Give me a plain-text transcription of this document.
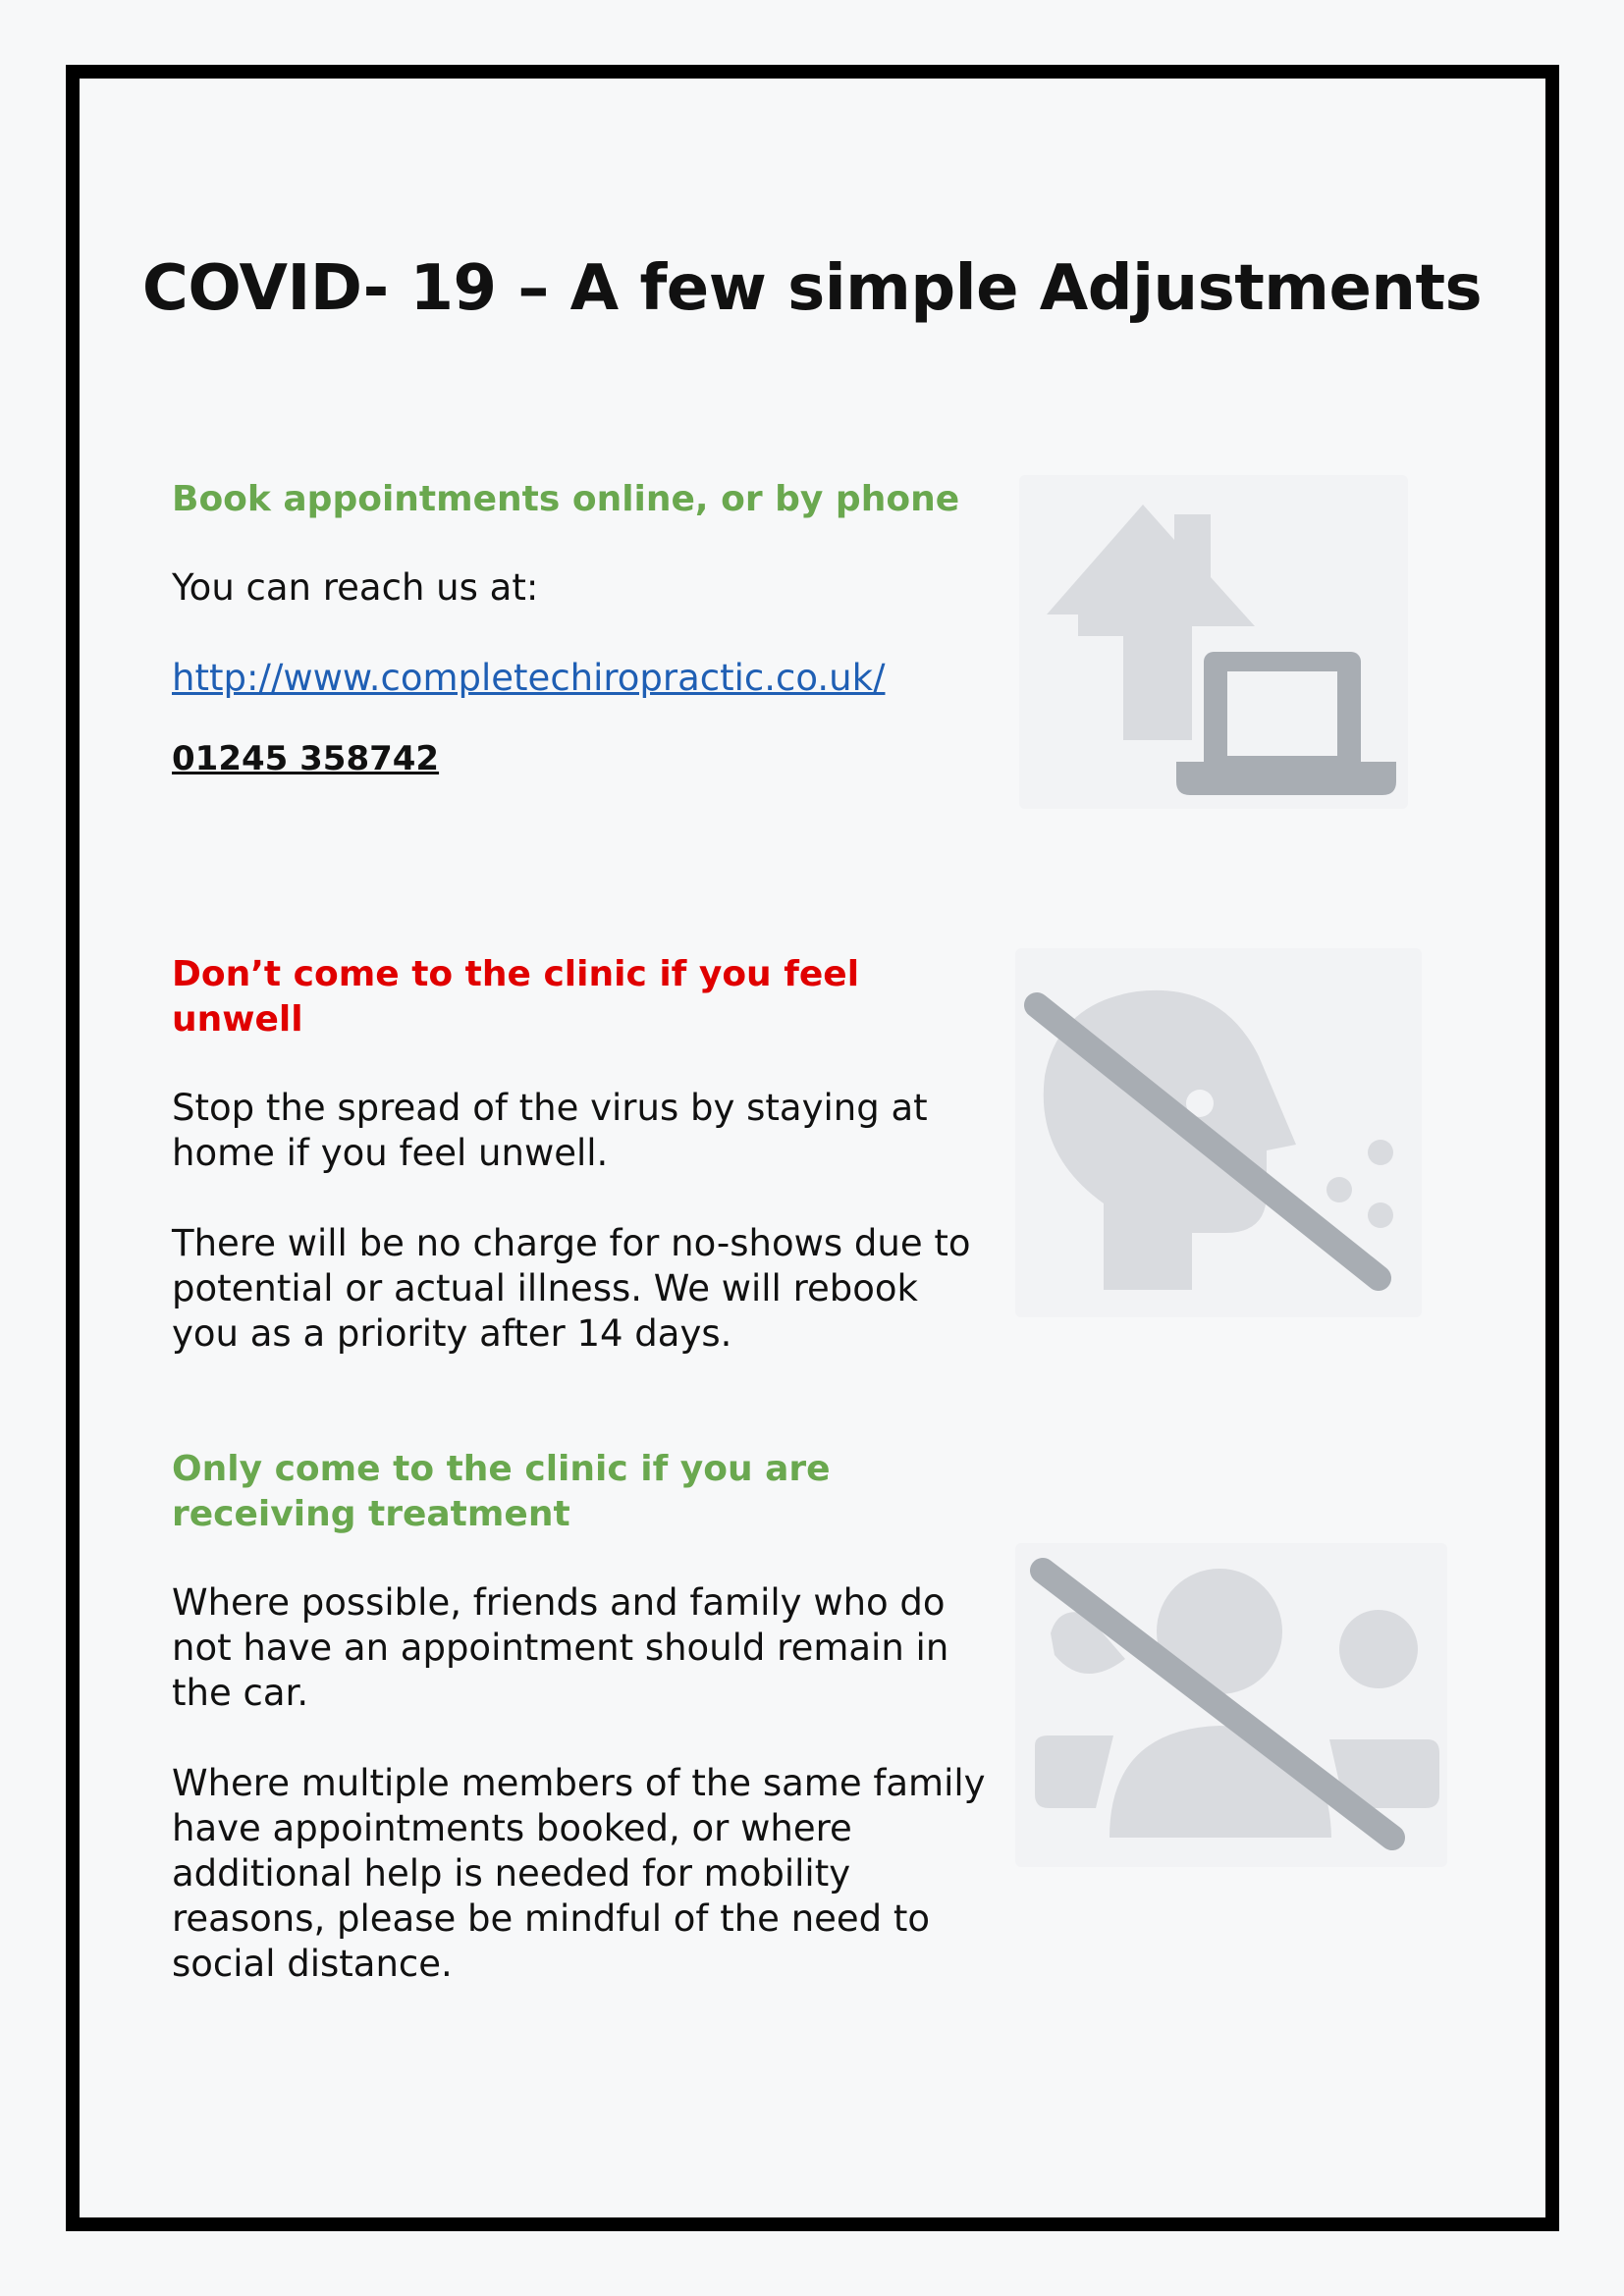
COVID- 19 – A few simple Adjustments

Book appointments online, or by phone

You can reach us at:

http://www.completechiropractic.co.uk/
01245 358742

Don’t come to the clinic if you feel unwell

Stop the spread of the virus by staying at home if you feel unwell.

There will be no charge for no-shows due to potential or actual illness. We will rebook you as a priority after 14 days.

Only come to the clinic if you are receiving treatment

Where possible, friends and family who do not have an appointment should remain in the car.

Where multiple members of the same family have appointments booked, or where additional help is needed for mobility reasons, please be mindful of the need to social distance.
